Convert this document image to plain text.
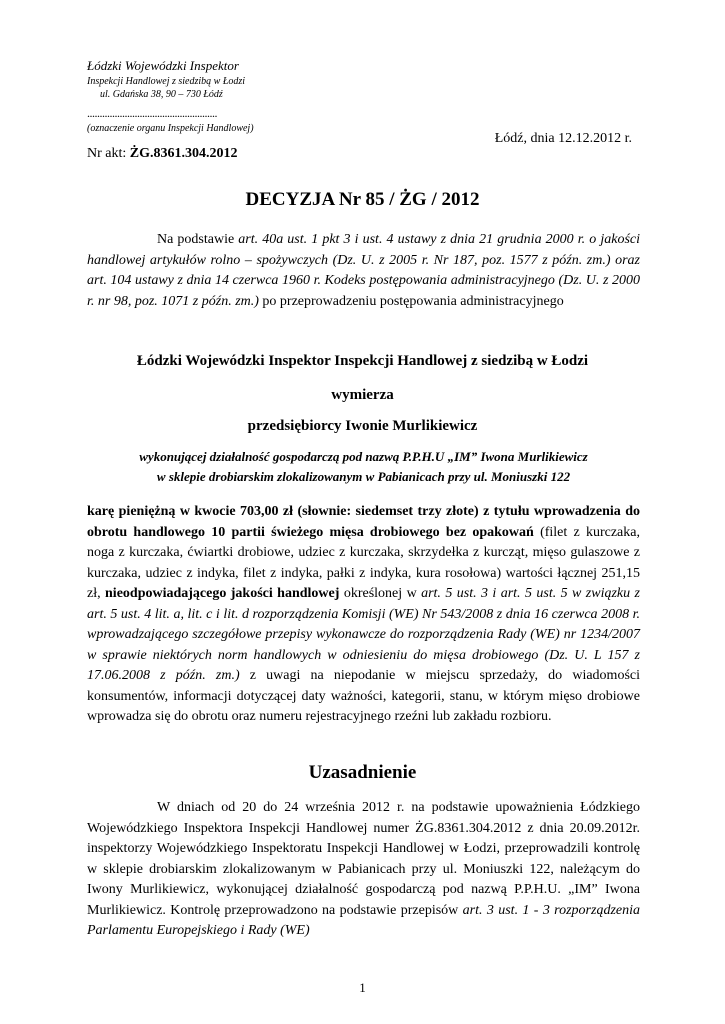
Łódzki Wojewódzki Inspektor
Inspekcji Handlowej z siedzibą w Łodzi
ul. Gdańska 38, 90 – 730 Łódź
....................................................
(oznaczenie organu Inspekcji Handlowej)
Łódź, dnia 12.12.2012 r.
Nr akt: ŻG.8361.304.2012
DECYZJA Nr 85 / ŻG / 2012
Na podstawie art. 40a ust. 1 pkt 3 i ust. 4 ustawy z dnia 21 grudnia 2000 r. o jakości handlowej artykułów rolno – spożywczych (Dz. U. z 2005 r. Nr 187, poz. 1577 z późn. zm.) oraz art. 104 ustawy z dnia 14 czerwca 1960 r. Kodeks postępowania administracyjnego (Dz. U. z 2000 r. nr 98, poz. 1071 z późn. zm.) po przeprowadzeniu postępowania administracyjnego
Łódzki Wojewódzki Inspektor Inspekcji Handlowej z siedzibą w Łodzi
wymierza
przedsiębiorcy Iwonie Murlikiewicz
wykonującej działalność gospodarczą pod nazwą P.P.H.U „IM” Iwona Murlikiewicz
w sklepie drobiarskim zlokalizowanym w Pabianicach przy ul. Moniuszki 122
karę pieniężną w kwocie 703,00 zł (słownie: siedemset trzy złote) z tytułu wprowadzenia do obrotu handlowego 10 partii świeżego mięsa drobiowego bez opakowań (filet z kurczaka, noga z kurczaka, ćwiartki drobiowe, udziec z kurczaka, skrzydełka z kurcząt, mięso gulaszowe z kurczaka, udziec z indyka, filet z indyka, pałki z indyka, kura rosołowa) wartości łącznej 251,15 zł, nieodpowiadającego jakości handlowej określonej w art. 5 ust. 3 i art. 5 ust. 5 w związku z art. 5 ust. 4 lit. a, lit. c i lit. d rozporządzenia Komisji (WE) Nr 543/2008 z dnia 16 czerwca 2008 r. wprowadzającego szczegółowe przepisy wykonawcze do rozporządzenia Rady (WE) nr 1234/2007 w sprawie niektórych norm handlowych w odniesieniu do mięsa drobiowego (Dz. U. L 157 z 17.06.2008 z późn. zm.) z uwagi na niepodanie w miejscu sprzedaży, do wiadomości konsumentów, informacji dotyczącej daty ważności, kategorii, stanu, w którym mięso drobiowe wprowadza się do obrotu oraz numeru rejestracyjnego rzeźni lub zakładu rozbioru.
Uzasadnienie
W dniach od 20 do 24 września 2012 r. na podstawie upoważnienia Łódzkiego Wojewódzkiego Inspektora Inspekcji Handlowej numer ŻG.8361.304.2012 z dnia 20.09.2012r. inspektorzy Wojewódzkiego Inspektoratu Inspekcji Handlowej w Łodzi, przeprowadzili kontrolę w sklepie drobiarskim zlokalizowanym w Pabianicach przy ul. Moniuszki 122, należącym do Iwony Murlikiewicz, wykonującej działalność gospodarczą pod nazwą P.P.H.U. „IM” Iwona Murlikiewicz. Kontrolę przeprowadzono na podstawie przepisów art. 3 ust. 1 - 3 rozporządzenia Parlamentu Europejskiego i Rady (WE)
1
